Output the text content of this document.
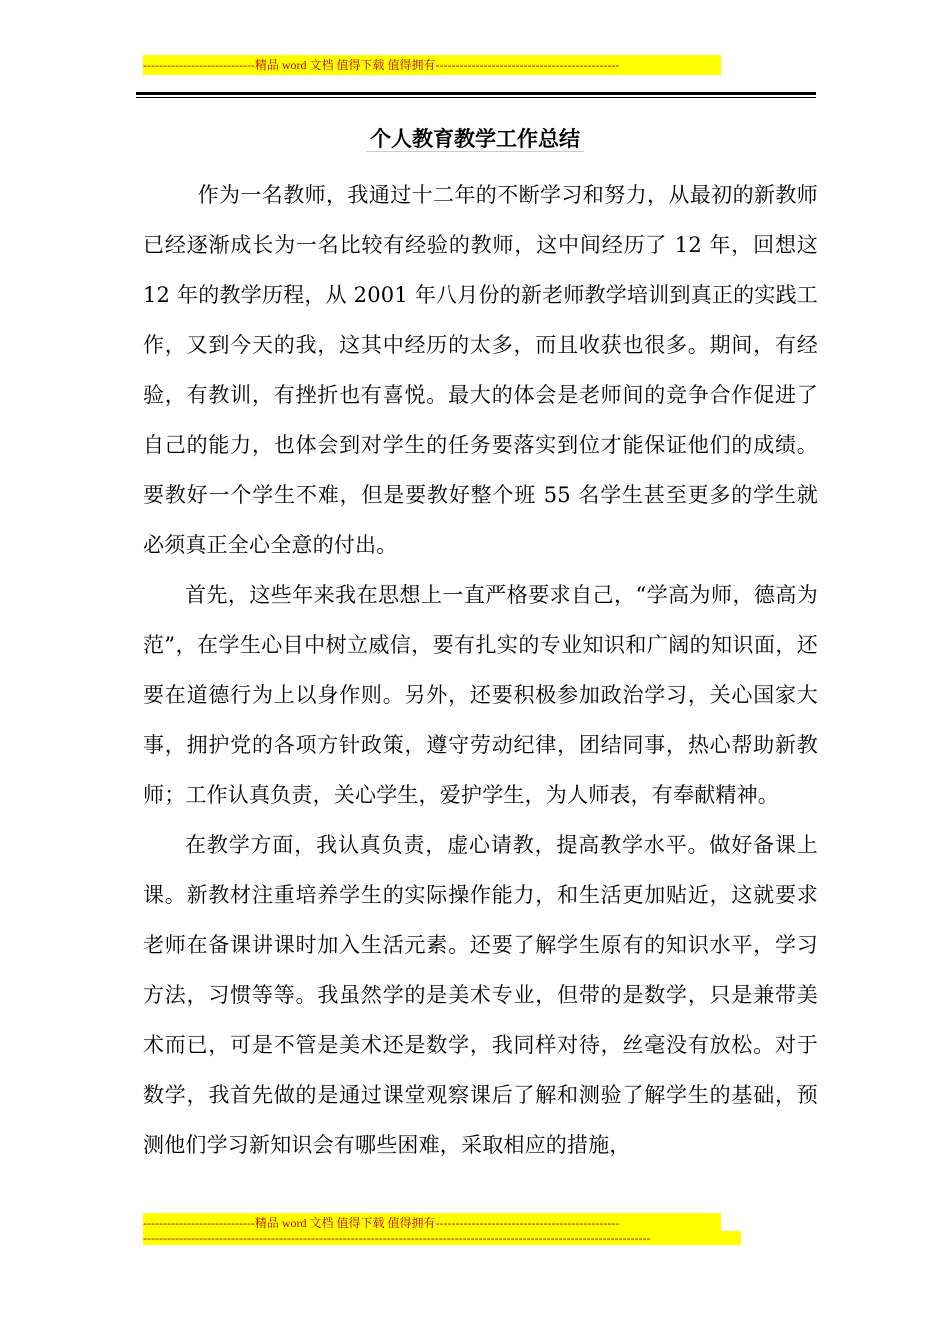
----------------------------精品 word 文档 值得下载 值得拥有----------------------------------------------
个人教育教学工作总结

作为一名教师，我通过十二年的不断学习和努力，从最初的新教师已经逐渐成长为一名比较有经验的教师，这中间经历了 12 年，回想这 12 年的教学历程，从 2001 年八月份的新老师教学培训到真正的实践工作，又到今天的我，这其中经历的太多，而且收获也很多。期间，有经验，有教训，有挫折也有喜悦。最大的体会是老师间的竞争合作促进了自己的能力，也体会到对学生的任务要落实到位才能保证他们的成绩。要教好一个学生不难，但是要教好整个班 55 名学生甚至更多的学生就必须真正全心全意的付出。

首先，这些年来我在思想上一直严格要求自己，“学高为师，德高为范”，在学生心目中树立威信，要有扎实的专业知识和广阔的知识面，还要在道德行为上以身作则。另外，还要积极参加政治学习，关心国家大事，拥护党的各项方针政策，遵守劳动纪律，团结同事，热心帮助新教师；工作认真负责，关心学生，爱护学生，为人师表，有奉献精神。

在教学方面，我认真负责，虚心请教，提高教学水平。做好备课上课。新教材注重培养学生的实际操作能力，和生活更加贴近，这就要求老师在备课讲课时加入生活元素。还要了解学生原有的知识水平，学习方法，习惯等等。我虽然学的是美术专业，但带的是数学，只是兼带美术而已，可是不管是美术还是数学，我同样对待，丝毫没有放松。对于数学，我首先做的是通过课堂观察课后了解和测验了解学生的基础，预测他们学习新知识会有哪些困难，采取相应的措施，

----------------------------精品 word 文档 值得下载 值得拥有----------------------------------------------
-------------------------------------------------------------------------------------------------------------------------------
